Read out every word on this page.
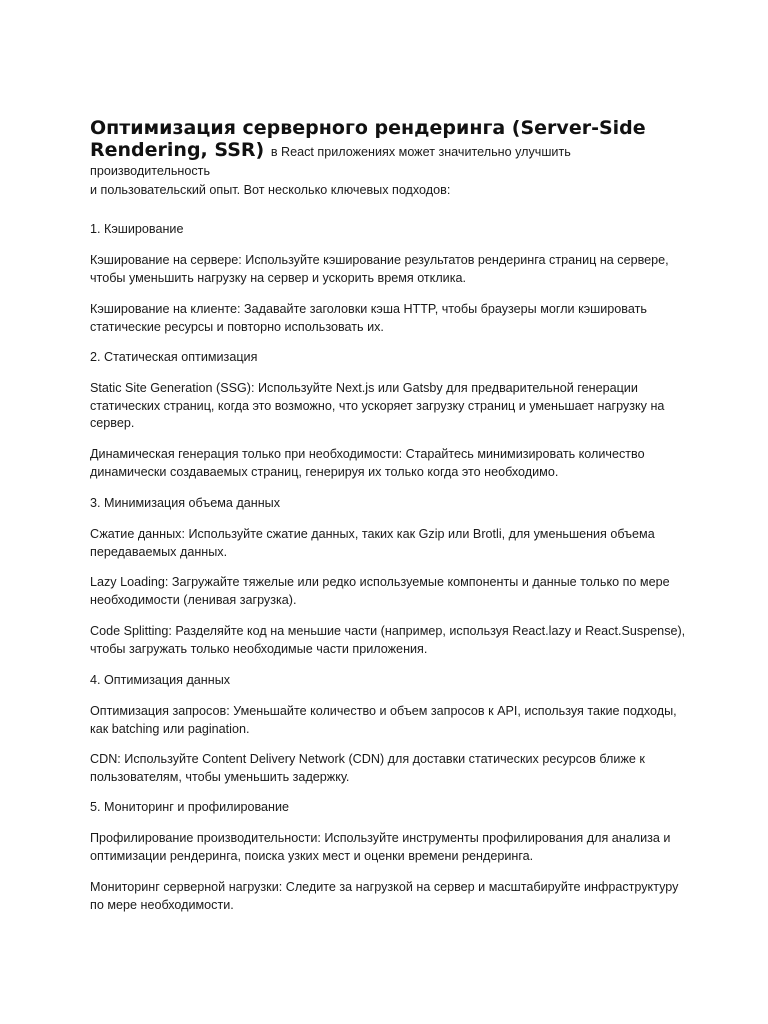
Оптимизация серверного рендеринга (Server-Side
Rendering, SSR) в React приложениях может значительно улучшить производительность
и пользовательский опыт. Вот несколько ключевых подходов:

1. Кэширование

Кэширование на сервере: Используйте кэширование результатов рендеринга страниц на сервере, чтобы уменьшить нагрузку на сервер и ускорить время отклика.

Кэширование на клиенте: Задавайте заголовки кэша HTTP, чтобы браузеры могли кэшировать статические ресурсы и повторно использовать их.

2. Статическая оптимизация

Static Site Generation (SSG): Используйте Next.js или Gatsby для предварительной генерации статических страниц, когда это возможно, что ускоряет загрузку страниц и уменьшает нагрузку на сервер.

Динамическая генерация только при необходимости: Старайтесь минимизировать количество динамически создаваемых страниц, генерируя их только когда это необходимо.

3. Минимизация объема данных

Сжатие данных: Используйте сжатие данных, таких как Gzip или Brotli, для уменьшения объема передаваемых данных.

Lazy Loading: Загружайте тяжелые или редко используемые компоненты и данные только по мере необходимости (ленивая загрузка).

Code Splitting: Разделяйте код на меньшие части (например, используя React.lazy и React.Suspense), чтобы загружать только необходимые части приложения.

4. Оптимизация данных

Оптимизация запросов: Уменьшайте количество и объем запросов к API, используя такие подходы, как batching или pagination.

CDN: Используйте Content Delivery Network (CDN) для доставки статических ресурсов ближе к пользователям, чтобы уменьшить задержку.

5. Мониторинг и профилирование

Профилирование производительности: Используйте инструменты профилирования для анализа и оптимизации рендеринга, поиска узких мест и оценки времени рендеринга.

Мониторинг серверной нагрузки: Следите за нагрузкой на сервер и масштабируйте инфраструктуру по мере необходимости.
